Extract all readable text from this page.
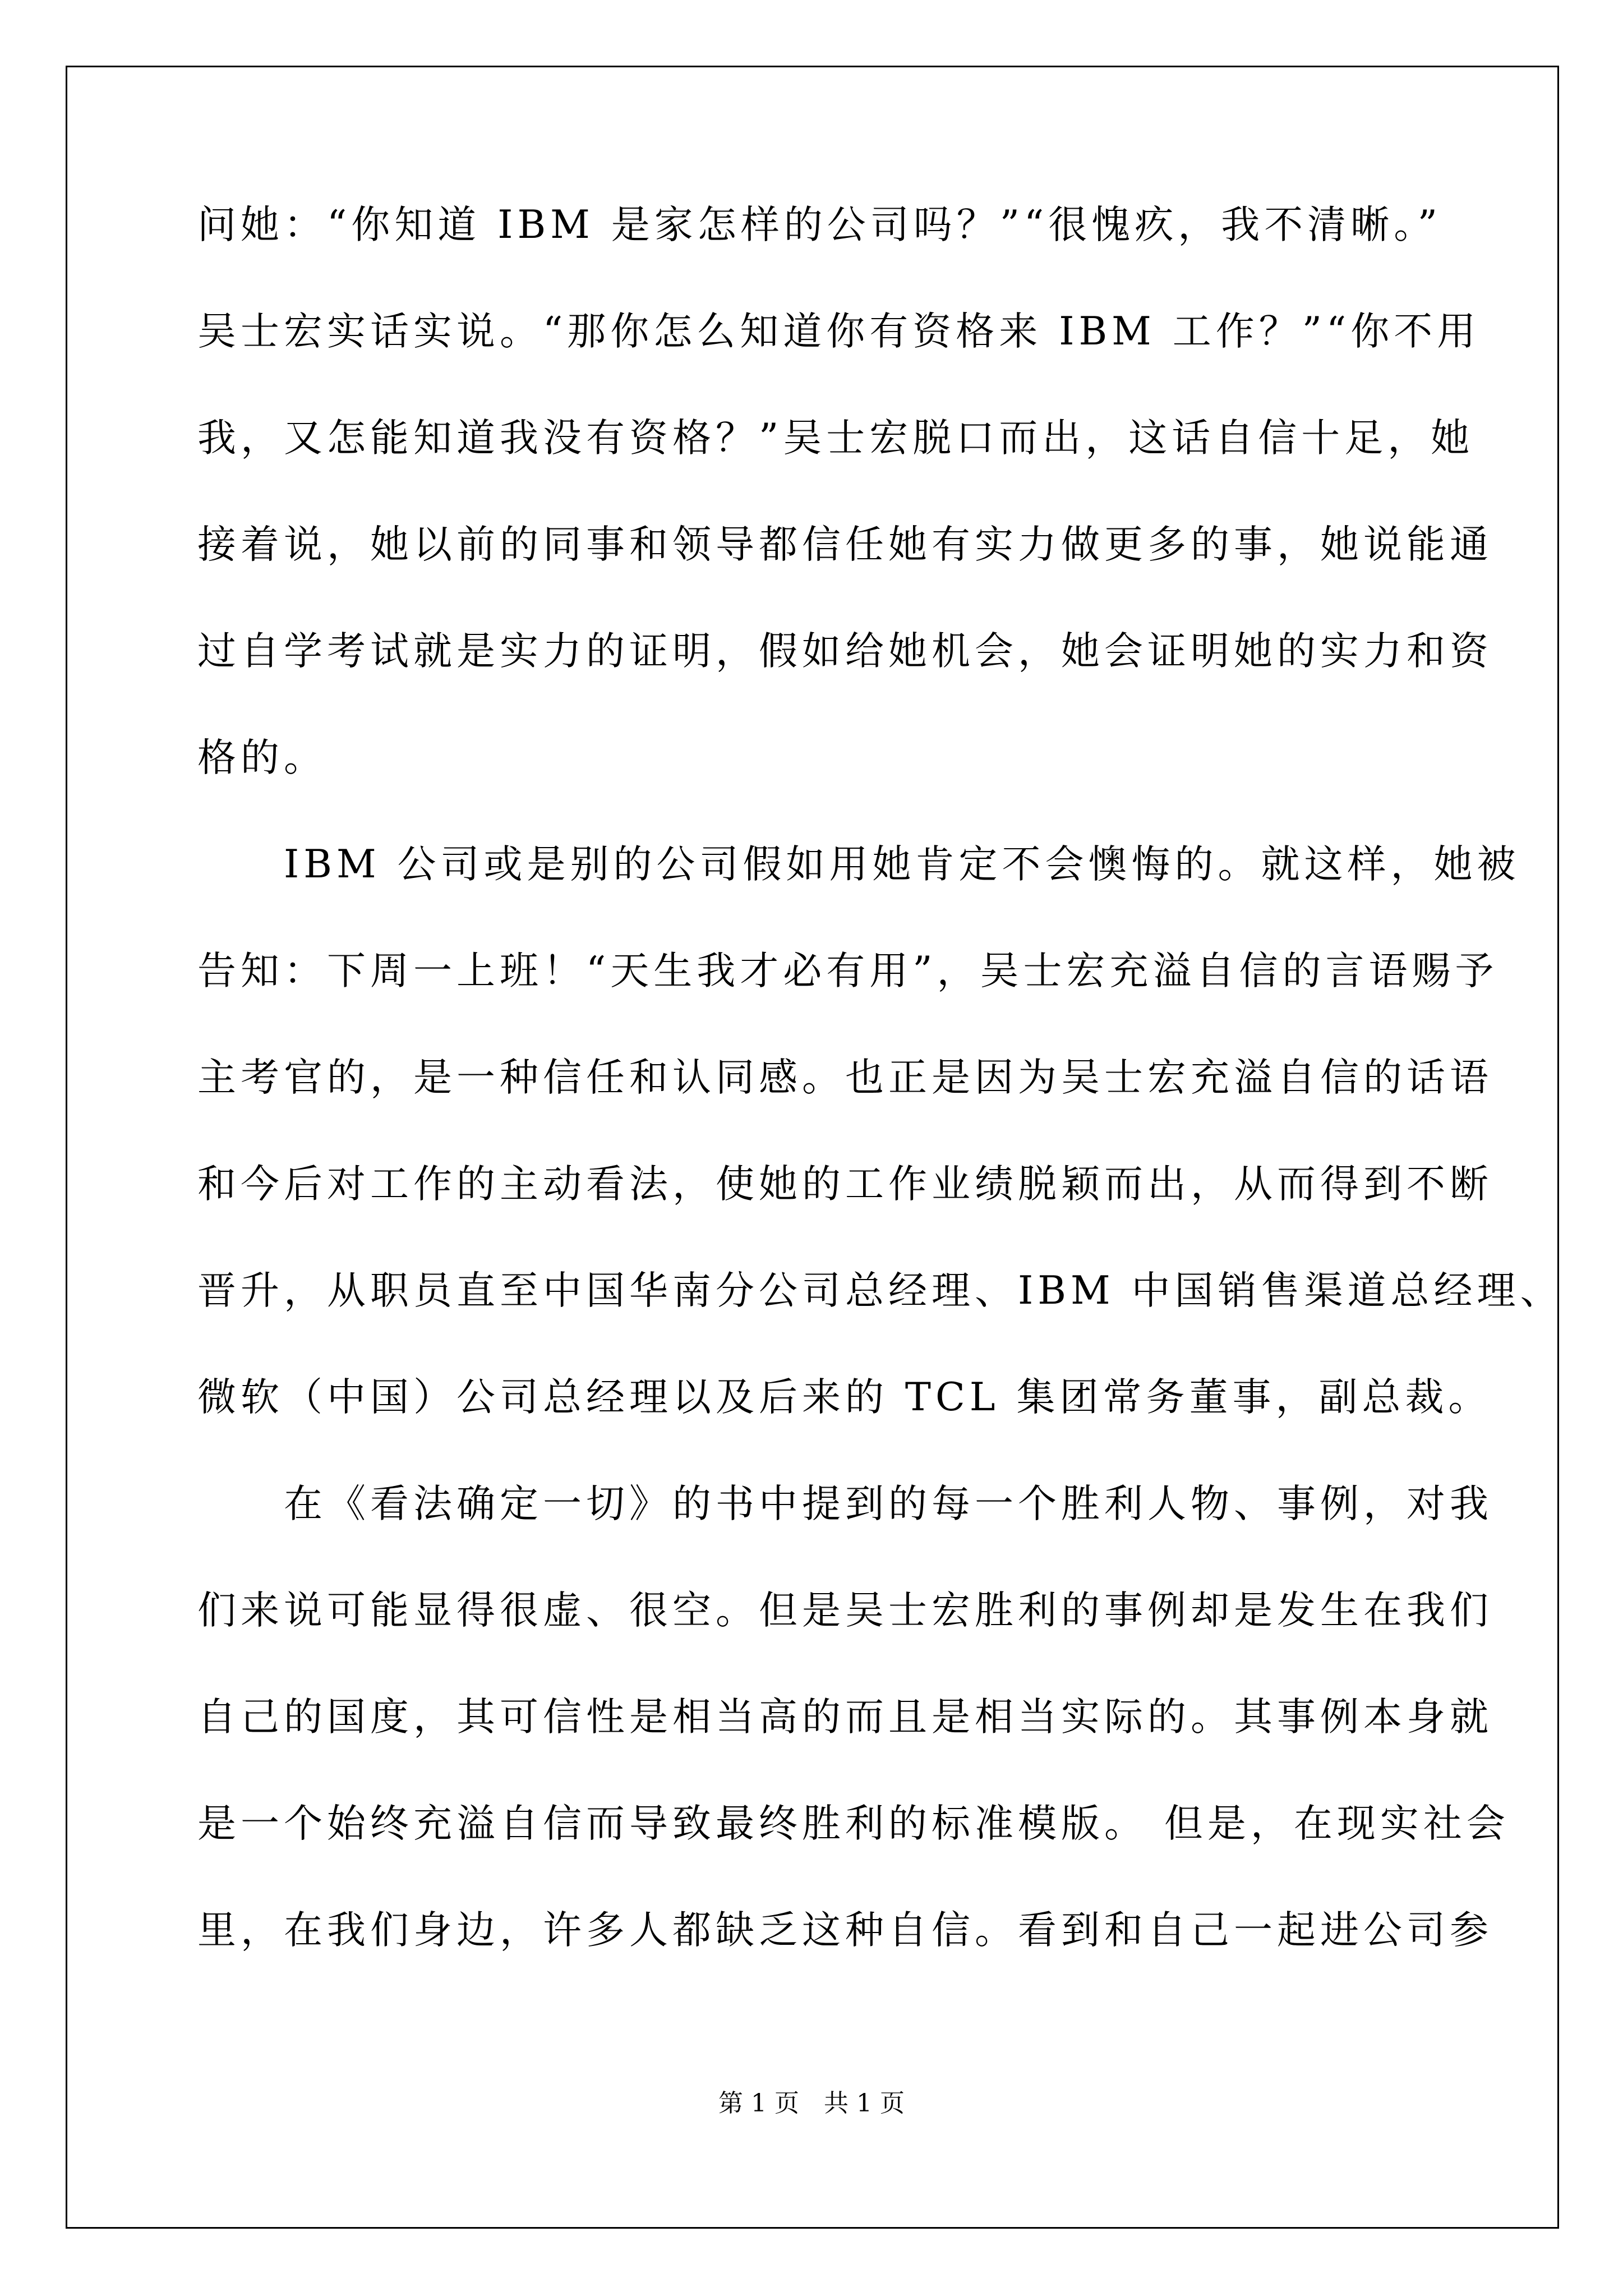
问她：“你知道 IBM 是家怎样的公司吗？”“很愧疚，我不清晰。”

吴士宏实话实说。“那你怎么知道你有资格来 IBM 工作？”“你不用

我，又怎能知道我没有资格？”吴士宏脱口而出，这话自信十足，她

接着说，她以前的同事和领导都信任她有实力做更多的事，她说能通

过自学考试就是实力的证明，假如给她机会，她会证明她的实力和资

格的。

　　IBM 公司或是别的公司假如用她肯定不会懊悔的。就这样，她被

告知：下周一上班！“天生我才必有用”，吴士宏充溢自信的言语赐予

主考官的，是一种信任和认同感。也正是因为吴士宏充溢自信的话语

和今后对工作的主动看法，使她的工作业绩脱颖而出，从而得到不断

晋升，从职员直至中国华南分公司总经理、IBM 中国销售渠道总经理、

微软（中国）公司总经理以及后来的 TCL 集团常务董事，副总裁。

　　在《看法确定一切》的书中提到的每一个胜利人物、事例，对我

们来说可能显得很虚、很空。但是吴士宏胜利的事例却是发生在我们

自己的国度，其可信性是相当高的而且是相当实际的。其事例本身就

是一个始终充溢自信而导致最终胜利的标准模版。 但是，在现实社会

里，在我们身边，许多人都缺乏这种自信。看到和自己一起进公司参

第 1 页　共 1 页
